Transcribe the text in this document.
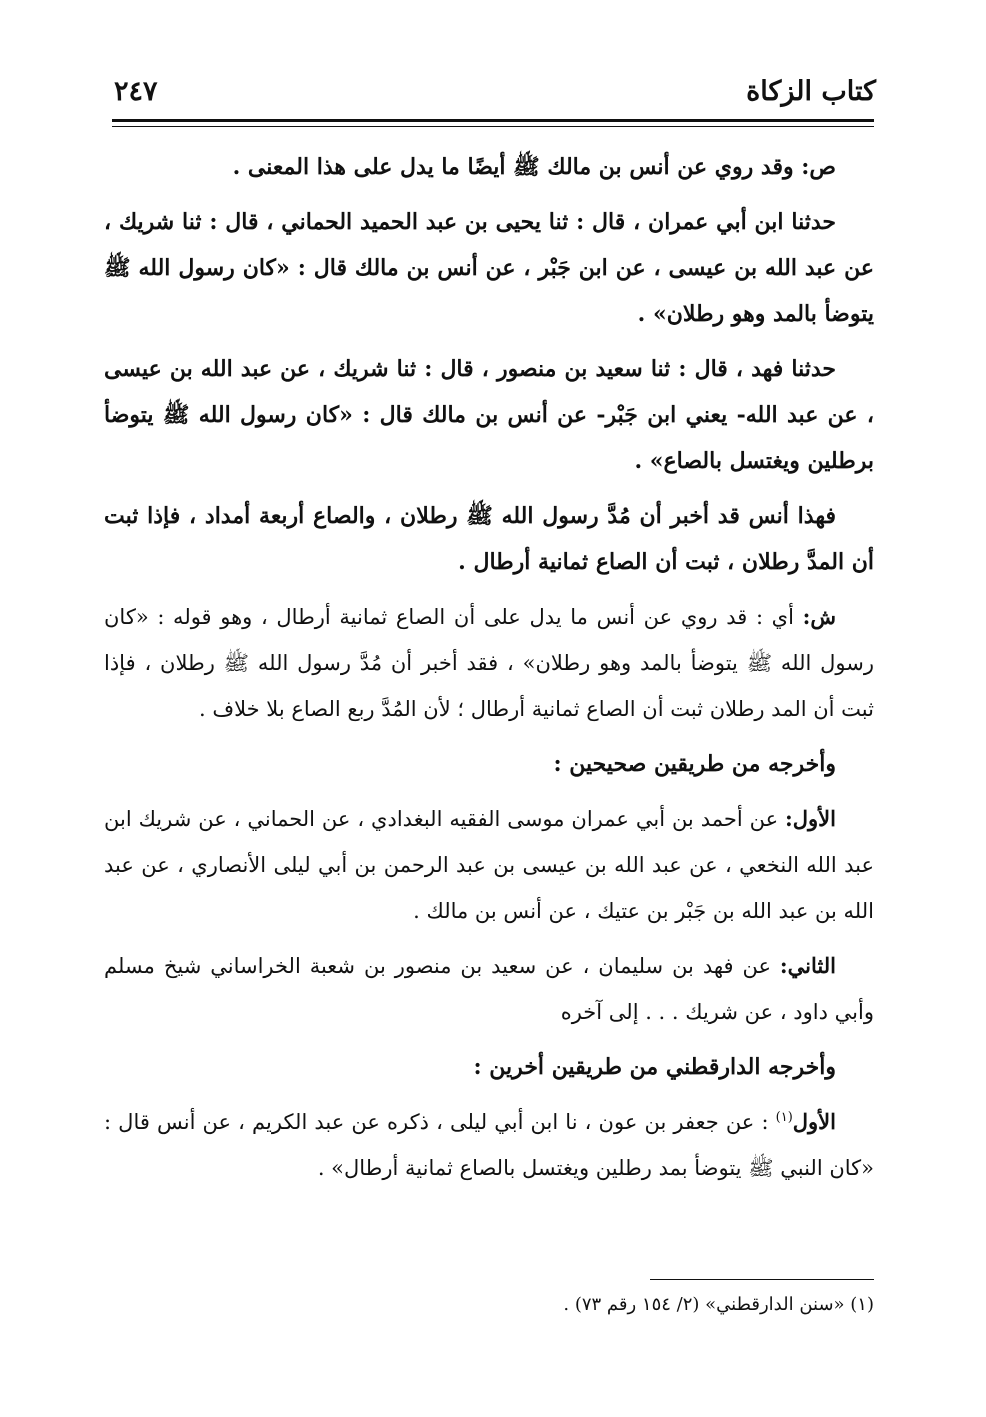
كتاب الزكاة
٢٤٧

ص: وقد روي عن أنس بن مالك ﷺ أيضًا ما يدل على هذا المعنى .

حدثنا ابن أبي عمران ، قال : ثنا يحيى بن عبد الحميد الحماني ، قال : ثنا شريك ، عن عبد الله بن عيسى ، عن ابن جَبْر ، عن أنس بن مالك قال : «كان رسول الله ﷺ يتوضأ بالمد وهو رطلان» .

حدثنا فهد ، قال : ثنا سعيد بن منصور ، قال : ثنا شريك ، عن عبد الله بن عيسى ، عن عبد الله- يعني ابن جَبْر- عن أنس بن مالك قال : «كان رسول الله ﷺ يتوضأ برطلين ويغتسل بالصاع» .

فهذا أنس قد أخبر أن مُدَّ رسول الله ﷺ رطلان ، والصاع أربعة أمداد ، فإذا ثبت أن المدَّ رطلان ، ثبت أن الصاع ثمانية أرطال .

ش: أي : قد روي عن أنس ما يدل على أن الصاع ثمانية أرطال ، وهو قوله : «كان رسول الله ﷺ يتوضأ بالمد وهو رطلان» ، فقد أخبر أن مُدَّ رسول الله ﷺ رطلان ، فإذا ثبت أن المد رطلان ثبت أن الصاع ثمانية أرطال ؛ لأن المُدَّ ربع الصاع بلا خلاف .

وأخرجه من طريقين صحيحين :

الأول: عن أحمد بن أبي عمران موسى الفقيه البغدادي ، عن الحماني ، عن شريك ابن عبد الله النخعي ، عن عبد الله بن عيسى بن عبد الرحمن بن أبي ليلى الأنصاري ، عن عبد الله بن عبد الله بن جَبْر بن عتيك ، عن أنس بن مالك .

الثاني: عن فهد بن سليمان ، عن سعيد بن منصور بن شعبة الخراساني شيخ مسلم وأبي داود ، عن شريك . . . إلى آخره

وأخرجه الدارقطني من طريقين أخرين :

الأول$^{(١)}$ : عن جعفر بن عون ، نا ابن أبي ليلى ، ذكره عن عبد الكريم ، عن أنس قال : «كان النبي ﷺ يتوضأ بمد رطلين ويغتسل بالصاع ثمانية أرطال» .

(١) «سنن الدارقطني» (٢/ ١٥٤ رقم ٧٣) .
